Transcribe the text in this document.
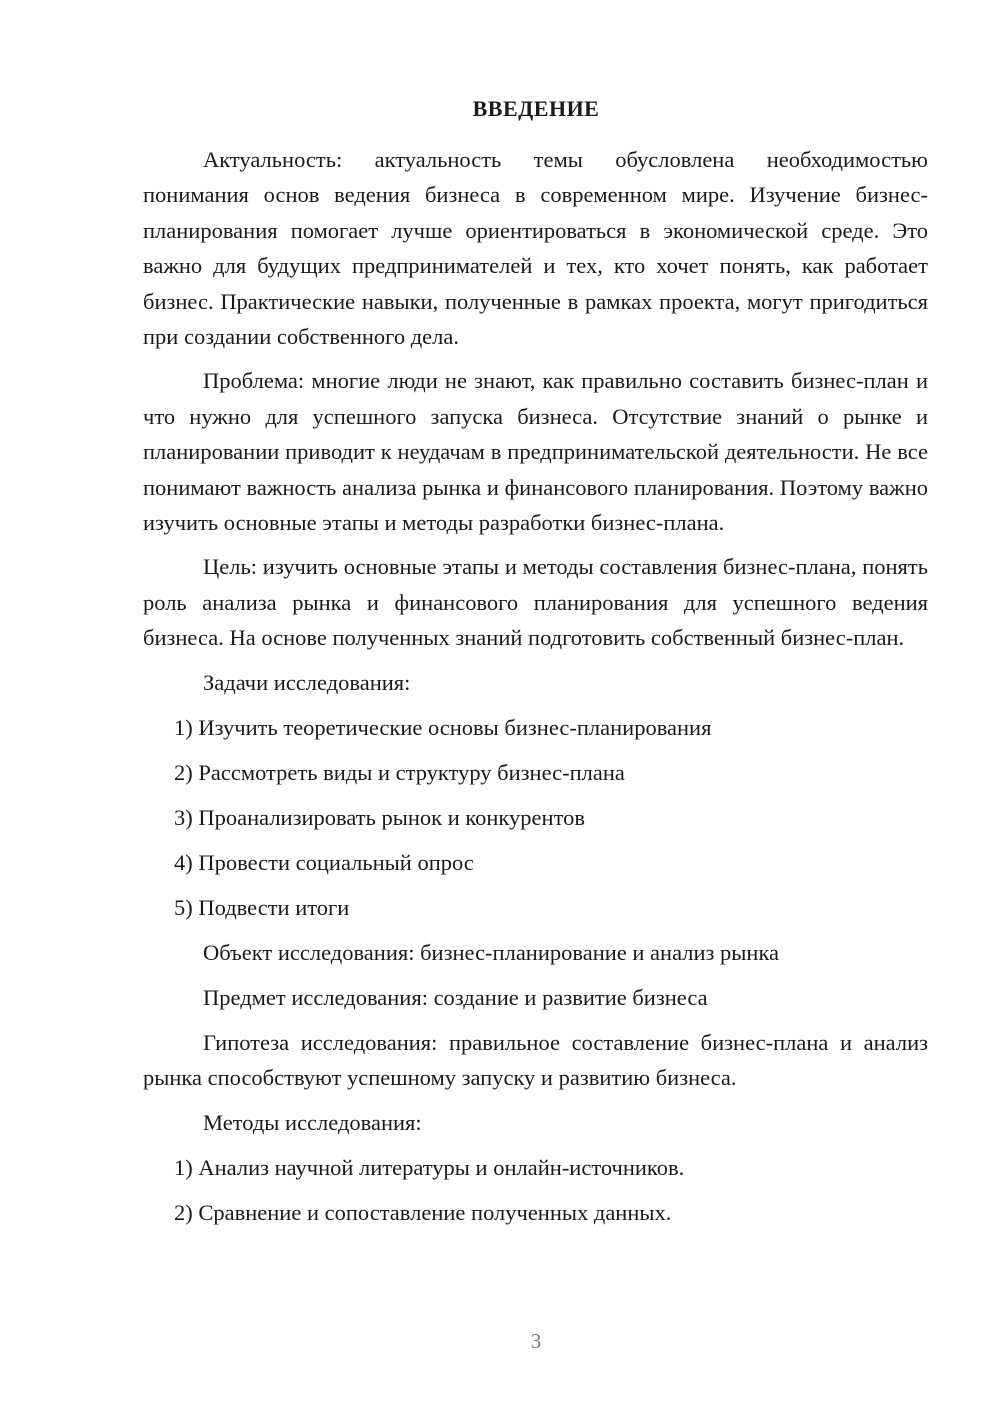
ВВЕДЕНИЕ

Актуальность: актуальность темы обусловлена необходимостью понимания основ ведения бизнеса в современном мире. Изучение бизнес-планирования помогает лучше ориентироваться в экономической среде. Это важно для будущих предпринимателей и тех, кто хочет понять, как работает бизнес. Практические навыки, полученные в рамках проекта, могут пригодиться при создании собственного дела.

Проблема: многие люди не знают, как правильно составить бизнес-план и что нужно для успешного запуска бизнеса. Отсутствие знаний о рынке и планировании приводит к неудачам в предпринимательской деятельности. Не все понимают важность анализа рынка и финансового планирования. Поэтому важно изучить основные этапы и методы разработки бизнес-плана.

Цель: изучить основные этапы и методы составления бизнес-плана, понять роль анализа рынка и финансового планирования для успешного ведения бизнеса. На основе полученных знаний подготовить собственный бизнес-план.

Задачи исследования:

1) Изучить теоретические основы бизнес-планирования

2) Рассмотреть виды и структуру бизнес-плана

3) Проанализировать рынок и конкурентов

4) Провести социальный опрос

5) Подвести итоги

Объект исследования: бизнес-планирование и анализ рынка

Предмет исследования: создание и развитие бизнеса

Гипотеза исследования: правильное составление бизнес-плана и анализ рынка способствуют успешному запуску и развитию бизнеса.

Методы исследования:

1) Анализ научной литературы и онлайн-источников.

2) Сравнение и сопоставление полученных данных.

3
